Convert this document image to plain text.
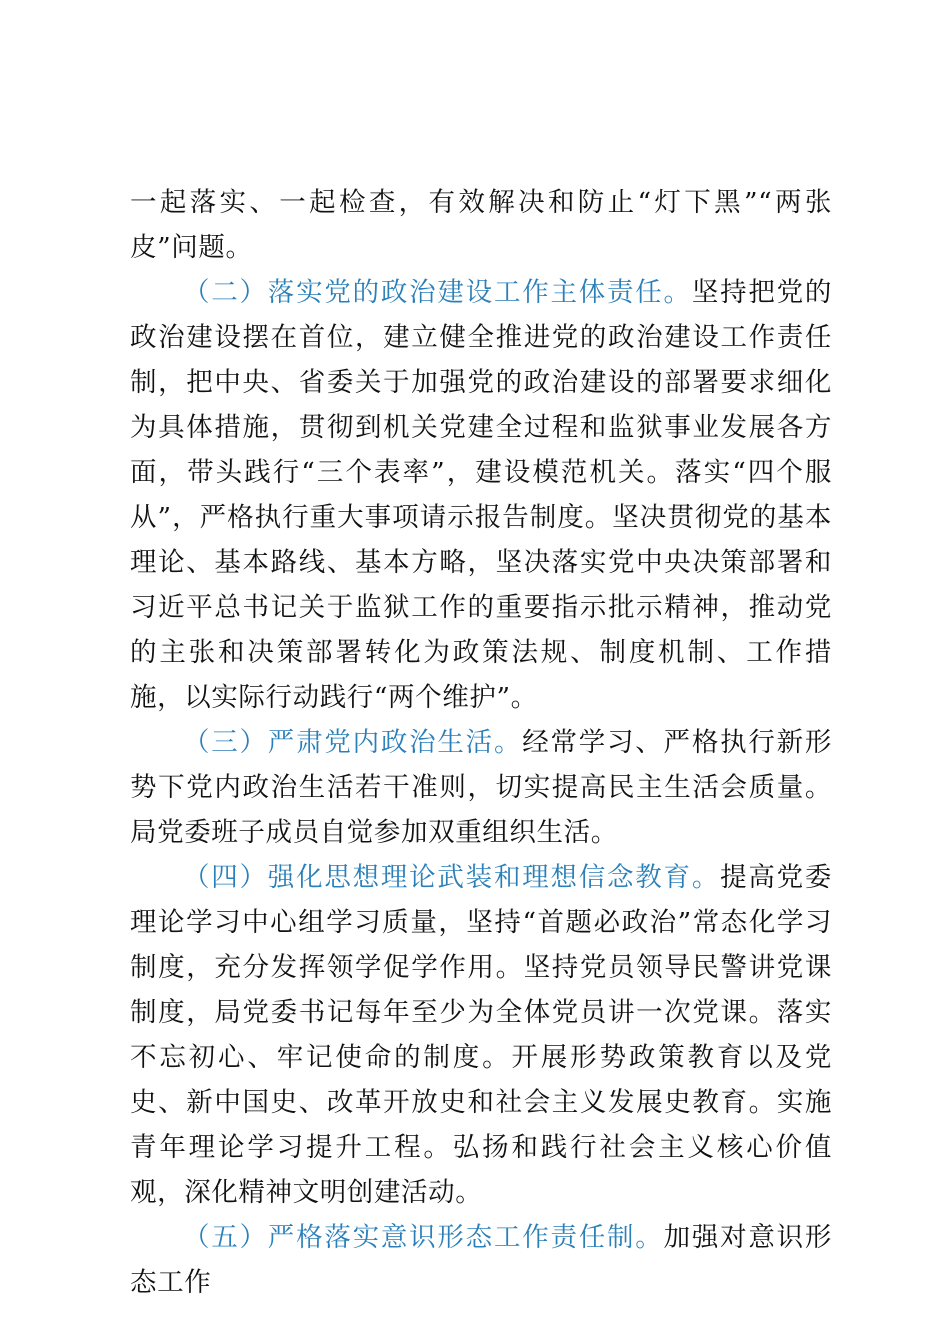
一起落实、一起检查，有效解决和防止“灯下黑”“两张皮”问题。

（二）落实党的政治建设工作主体责任。坚持把党的政治建设摆在首位，建立健全推进党的政治建设工作责任制，把中央、省委关于加强党的政治建设的部署要求细化为具体措施，贯彻到机关党建全过程和监狱事业发展各方面，带头践行“三个表率”，建设模范机关。落实“四个服从”，严格执行重大事项请示报告制度。坚决贯彻党的基本理论、基本路线、基本方略，坚决落实党中央决策部署和习近平总书记关于监狱工作的重要指示批示精神，推动党的主张和决策部署转化为政策法规、制度机制、工作措施，以实际行动践行“两个维护”。

（三）严肃党内政治生活。经常学习、严格执行新形势下党内政治生活若干准则，切实提高民主生活会质量。局党委班子成员自觉参加双重组织生活。

（四）强化思想理论武装和理想信念教育。提高党委理论学习中心组学习质量，坚持“首题必政治”常态化学习制度，充分发挥领学促学作用。坚持党员领导民警讲党课制度，局党委书记每年至少为全体党员讲一次党课。落实不忘初心、牢记使命的制度。开展形势政策教育以及党史、新中国史、改革开放史和社会主义发展史教育。实施青年理论学习提升工程。弘扬和践行社会主义核心价值观，深化精神文明创建活动。

（五）严格落实意识形态工作责任制。加强对意识形态工作
